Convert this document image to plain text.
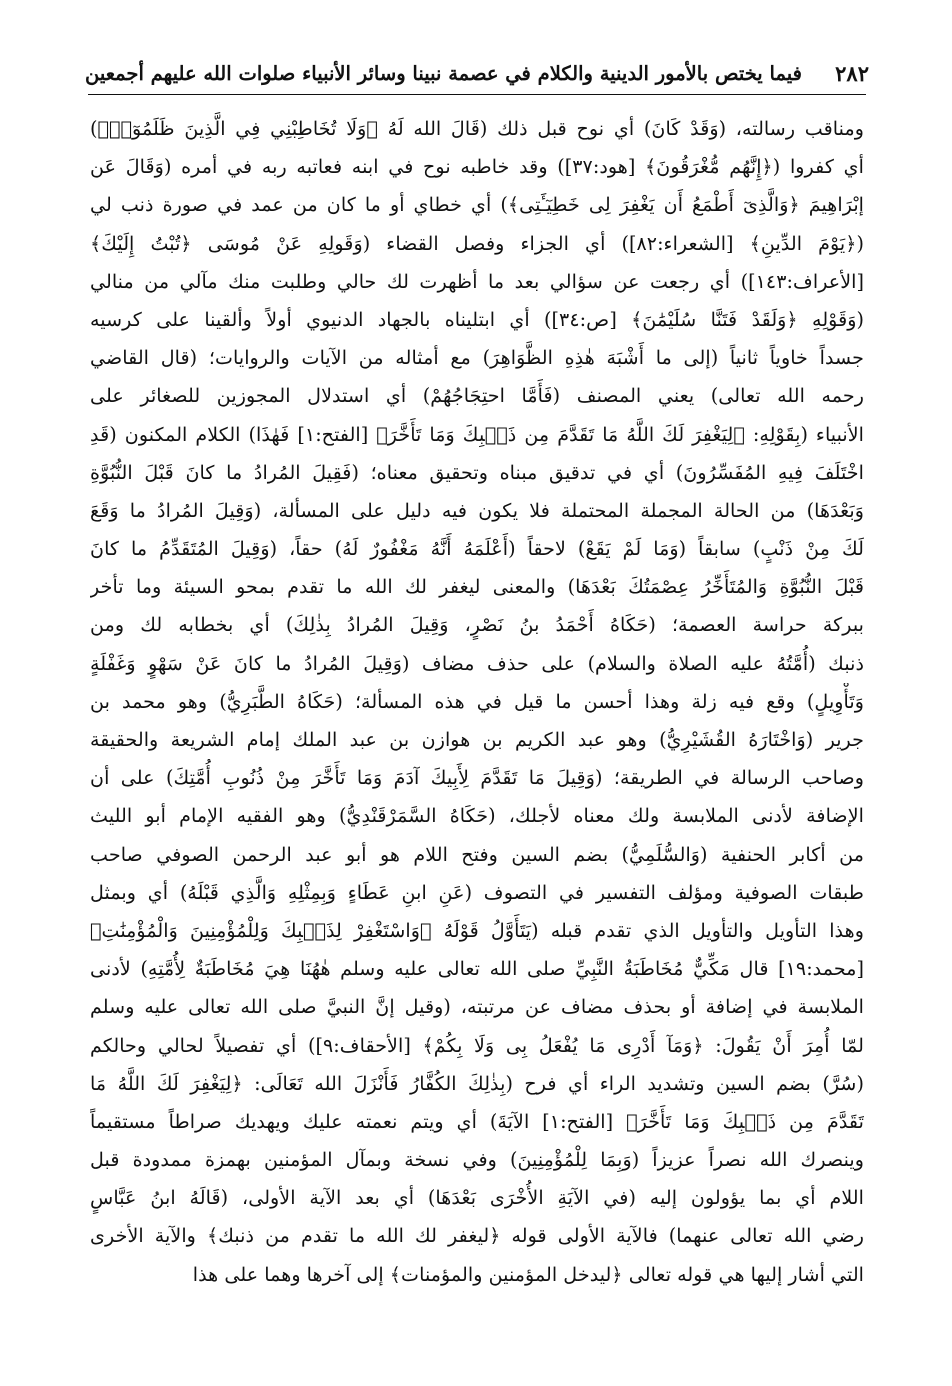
٢٨٢
فيما يختص بالأمور الدينية والكلام في عصمة نبينا وسائر الأنبياء صلوات الله عليهم أجمعين
ومناقب رسالته، (وَقَدْ كَانَ) أي نوح قبل ذلك (قَالَ الله لَهُ ﴿وَلَا تُخَاطِبْنِي فِي الَّذِينَ ظَلَمُوٓا۟﴾)
أي كفروا (﴿إِنَّهُم مُّغْرَقُونَ﴾ [هود:٣٧]) وقد خاطبه نوح في ابنه فعاتبه ربه في أمره (وَقَالَ عَن
إبْرَاهِيمَ ﴿وَالَّذِىٓ أَطْمَعُ أَن يَغْفِرَ لِى خَطِيٓـَٔتِى﴾) أي خطاي أو ما كان من عمد في صورة ذنب لي
(﴿يَوْمَ الدِّينِ﴾ [الشعراء:٨٢]) أي الجزاء وفصل القضاء (وَقَولِهِ عَنْ مُوسَى ﴿تُبْتُ إِلَيْكَ﴾
[الأعراف:١٤٣]) أي رجعت عن سؤالي بعد ما أظهرت لك حالي وطلبت منك مآلي من منالي
(وَقَوْلِهِ ﴿وَلَقَدْ فَتَنَّا سُلَيْمَٰنَ﴾ [ص:٣٤]) أي ابتليناه بالجهاد الدنيوي أولاً وألقينا على كرسيه
جسداً خاوياً ثانياً (إلى ما أَشْبَهَ هٰذِهِ الظَّوَاهِرَ) مع أمثاله من الآيات والروايات؛ (قال القاضي
رحمه الله تعالى) يعني المصنف (فَأَمَّا احتِجَاجُهُمْ) أي استدلال المجوزين للصغائر على
الأنبياء (بِقَوْلِهِ: ﴿لِيَغْفِرَ لَكَ اللَّهُ مَا تَقَدَّمَ مِن ذَنۢبِكَ وَمَا تَأَخَّرَ﴾ [الفتح:١] فَهٰذَا) الكلام المكنون (قَدِ
اخْتَلَفَ فِيهِ المُفَسِّرُونَ) أي في تدقيق مبناه وتحقيق معناه؛ (فَقِيلَ المُرادُ ما كانَ قَبْلَ النُّبُوَّةِ
وَبَعْدَهَا) من الحالة المجملة المحتملة فلا يكون فيه دليل على المسألة، (وَقِيلَ المُرادُ ما وَقَعَ
لَكَ مِنْ ذَنْبٍ) سابقاً (وَمَا لَمْ يَقَعْ) لاحقاً (أَعْلَمَهُ أَنَّهُ مَغْفُورٌ لَهُ) حقاً، (وَقِيلَ المُتَقَدِّمُ ما كانَ
قَبْلَ النُّبُوَّةِ وَالمُتَأَخِّرُ عِصْمَتُكَ بَعْدَهَا) والمعنى ليغفر لك الله ما تقدم بمحو السيئة وما تأخر
ببركة حراسة العصمة؛ (حَكَاهُ أَحْمَدُ بنُ نَصْرٍ، وَقِيلَ المُرادُ بِذٰلِكَ) أي بخطابه لك ومن
ذنبك (أُمَّتُهُ عليه الصلاة والسلام) على حذف مضاف (وَقِيلَ المُرادُ ما كانَ عَنْ سَهْوٍ وَغَفْلَةٍ
وَتَأْوِيلٍ) وقع فيه زلة وهذا أحسن ما قيل في هذه المسألة؛ (حَكَاهُ الطَّبَرِيُّ) وهو محمد بن
جرير (وَاخْتَارَهُ القُشَيْرِيُّ) وهو عبد الكريم بن هوازن بن عبد الملك إمام الشريعة والحقيقة
وصاحب الرسالة في الطريقة؛ (وَقِيلَ مَا تَقَدَّمَ لِأَبِيكَ آدَمَ وَمَا تَأَخَّرَ مِنْ ذُنُوبِ أُمَّتِكَ) على أن
الإضافة لأدنى الملابسة ولك معناه لأجلك، (حَكَاهُ السَّمَرْقَنْدِيُّ) وهو الفقيه الإمام أبو الليث
من أكابر الحنفية (وَالسُّلَمِيُّ) بضم السين وفتح اللام هو أبو عبد الرحمن الصوفي صاحب
طبقات الصوفية ومؤلف التفسير في التصوف (عَنِ ابنِ عَطَاءٍ وَبِمِثْلِهِ وَالَّذِي قَبْلَهُ) أي وبمثل
وهذا التأويل والتأويل الذي تقدم قبله (يَتَأَوَّلُ قَوْلَهُ ﴿وَاسْتَغْفِرْ لِذَنۢبِكَ وَلِلْمُؤْمِنِينَ وَالْمُؤْمِنَٰتِ﴾
[محمد:١٩] قال مَكِّيٌّ مُخَاطَبَةُ النَّبِيِّ صلى الله تعالى عليه وسلم هٰهُنَا هِيَ مُخَاطَبَةٌ لِأُمَّتِهِ) لأدنى
الملابسة في إضافة أو بحذف مضاف عن مرتبته، (وقيل إنَّ النبيَّ صلى الله تعالى عليه وسلم
لمّا أُمِرَ أَنْ يَقُولَ: ﴿وَمَآ أَدْرِى مَا يُفْعَلُ بِى وَلَا بِكُمْ﴾ [الأحقاف:٩]) أي تفصيلاً لحالي وحالكم
(سُرَّ) بضم السين وتشديد الراء أي فرح (بِذٰلِكَ الكُفَّارُ فَأَنْزَلَ الله تَعَالَى: ﴿لِيَغْفِرَ لَكَ اللَّهُ مَا
تَقَدَّمَ مِن ذَنۢبِكَ وَمَا تَأَخَّرَ﴾ [الفتح:١] الآيَةَ) أي ويتم نعمته عليك ويهديك صراطاً مستقيماً
وينصرك الله نصراً عزيزاً (وَبِمَا لِلْمُؤْمِنِينَ) وفي نسخة وبمآل المؤمنين بهمزة ممدودة قبل
اللام أي بما يؤولون إليه (في الآيَةِ الأُخْرَى بَعْدَهَا) أي بعد الآية الأولى، (قَالَهُ ابنُ عَبَّاسٍ
رضي الله تعالى عنهما) فالآية الأولى قوله ﴿ليغفر لك الله ما تقدم من ذنبك﴾ والآية الأخرى
التي أشار إليها هي قوله تعالى ﴿ليدخل المؤمنين والمؤمنات﴾ إلى آخرها وهما على هذا
